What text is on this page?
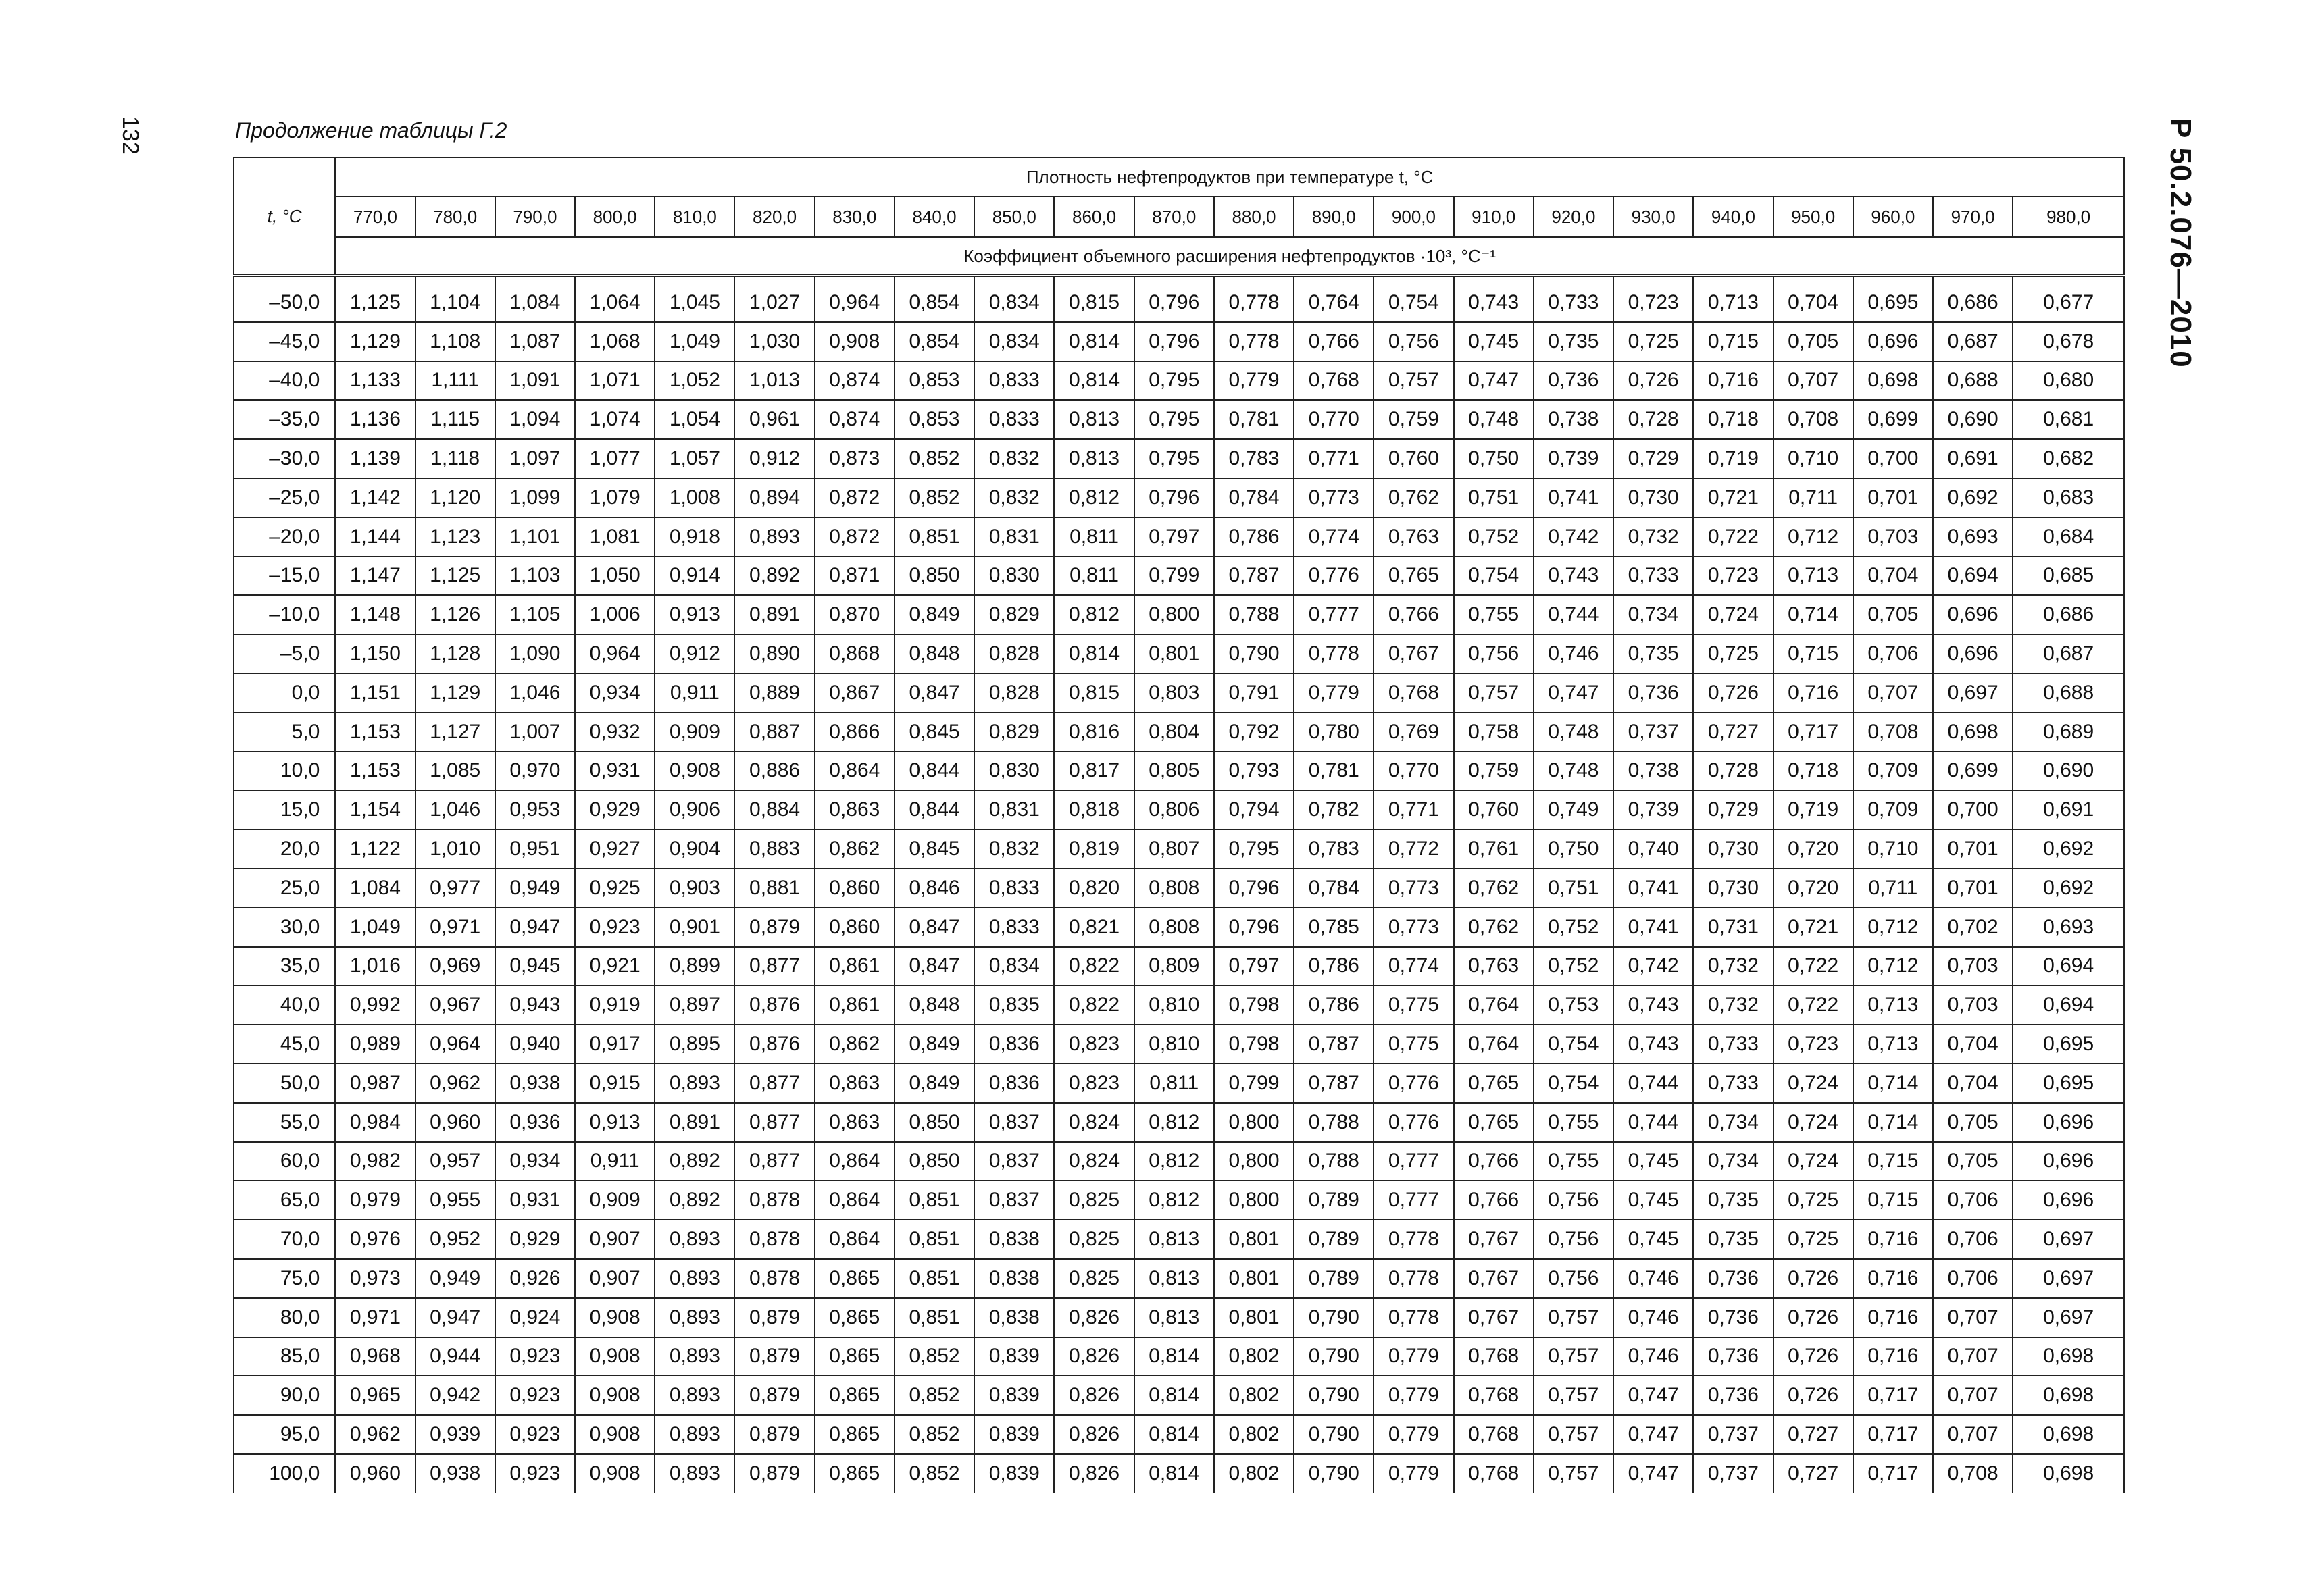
132	Р 50.2.076—2010
Продолжение таблицы Г.2
t, °C	Плотность нефтепродуктов при температуре t, °C																					
	770,0	780,0	790,0	800,0	810,0	820,0	830,0	840,0	850,0	860,0	870,0	880,0	890,0	900,0	910,0	920,0	930,0	940,0	950,0	960,0	970,0	980,0
	Коэффициент объемного расширения нефтепродуктов ·10³, °C⁻¹																					
–50,0	1,125	1,104	1,084	1,064	1,045	1,027	0,964	0,854	0,834	0,815	0,796	0,778	0,764	0,754	0,743	0,733	0,723	0,713	0,704	0,695	0,686	0,677
–45,0	1,129	1,108	1,087	1,068	1,049	1,030	0,908	0,854	0,834	0,814	0,796	0,778	0,766	0,756	0,745	0,735	0,725	0,715	0,705	0,696	0,687	0,678
–40,0	1,133	1,111	1,091	1,071	1,052	1,013	0,874	0,853	0,833	0,814	0,795	0,779	0,768	0,757	0,747	0,736	0,726	0,716	0,707	0,698	0,688	0,680
–35,0	1,136	1,115	1,094	1,074	1,054	0,961	0,874	0,853	0,833	0,813	0,795	0,781	0,770	0,759	0,748	0,738	0,728	0,718	0,708	0,699	0,690	0,681
–30,0	1,139	1,118	1,097	1,077	1,057	0,912	0,873	0,852	0,832	0,813	0,795	0,783	0,771	0,760	0,750	0,739	0,729	0,719	0,710	0,700	0,691	0,682
–25,0	1,142	1,120	1,099	1,079	1,008	0,894	0,872	0,852	0,832	0,812	0,796	0,784	0,773	0,762	0,751	0,741	0,730	0,721	0,711	0,701	0,692	0,683
–20,0	1,144	1,123	1,101	1,081	0,918	0,893	0,872	0,851	0,831	0,811	0,797	0,786	0,774	0,763	0,752	0,742	0,732	0,722	0,712	0,703	0,693	0,684
–15,0	1,147	1,125	1,103	1,050	0,914	0,892	0,871	0,850	0,830	0,811	0,799	0,787	0,776	0,765	0,754	0,743	0,733	0,723	0,713	0,704	0,694	0,685
–10,0	1,148	1,126	1,105	1,006	0,913	0,891	0,870	0,849	0,829	0,812	0,800	0,788	0,777	0,766	0,755	0,744	0,734	0,724	0,714	0,705	0,696	0,686
–5,0	1,150	1,128	1,090	0,964	0,912	0,890	0,868	0,848	0,828	0,814	0,801	0,790	0,778	0,767	0,756	0,746	0,735	0,725	0,715	0,706	0,696	0,687
0,0	1,151	1,129	1,046	0,934	0,911	0,889	0,867	0,847	0,828	0,815	0,803	0,791	0,779	0,768	0,757	0,747	0,736	0,726	0,716	0,707	0,697	0,688
5,0	1,153	1,127	1,007	0,932	0,909	0,887	0,866	0,845	0,829	0,816	0,804	0,792	0,780	0,769	0,758	0,748	0,737	0,727	0,717	0,708	0,698	0,689
10,0	1,153	1,085	0,970	0,931	0,908	0,886	0,864	0,844	0,830	0,817	0,805	0,793	0,781	0,770	0,759	0,748	0,738	0,728	0,718	0,709	0,699	0,690
15,0	1,154	1,046	0,953	0,929	0,906	0,884	0,863	0,844	0,831	0,818	0,806	0,794	0,782	0,771	0,760	0,749	0,739	0,729	0,719	0,709	0,700	0,691
20,0	1,122	1,010	0,951	0,927	0,904	0,883	0,862	0,845	0,832	0,819	0,807	0,795	0,783	0,772	0,761	0,750	0,740	0,730	0,720	0,710	0,701	0,692
25,0	1,084	0,977	0,949	0,925	0,903	0,881	0,860	0,846	0,833	0,820	0,808	0,796	0,784	0,773	0,762	0,751	0,741	0,730	0,720	0,711	0,701	0,692
30,0	1,049	0,971	0,947	0,923	0,901	0,879	0,860	0,847	0,833	0,821	0,808	0,796	0,785	0,773	0,762	0,752	0,741	0,731	0,721	0,712	0,702	0,693
35,0	1,016	0,969	0,945	0,921	0,899	0,877	0,861	0,847	0,834	0,822	0,809	0,797	0,786	0,774	0,763	0,752	0,742	0,732	0,722	0,712	0,703	0,694
40,0	0,992	0,967	0,943	0,919	0,897	0,876	0,861	0,848	0,835	0,822	0,810	0,798	0,786	0,775	0,764	0,753	0,743	0,732	0,722	0,713	0,703	0,694
45,0	0,989	0,964	0,940	0,917	0,895	0,876	0,862	0,849	0,836	0,823	0,810	0,798	0,787	0,775	0,764	0,754	0,743	0,733	0,723	0,713	0,704	0,695
50,0	0,987	0,962	0,938	0,915	0,893	0,877	0,863	0,849	0,836	0,823	0,811	0,799	0,787	0,776	0,765	0,754	0,744	0,733	0,724	0,714	0,704	0,695
55,0	0,984	0,960	0,936	0,913	0,891	0,877	0,863	0,850	0,837	0,824	0,812	0,800	0,788	0,776	0,765	0,755	0,744	0,734	0,724	0,714	0,705	0,696
60,0	0,982	0,957	0,934	0,911	0,892	0,877	0,864	0,850	0,837	0,824	0,812	0,800	0,788	0,777	0,766	0,755	0,745	0,734	0,724	0,715	0,705	0,696
65,0	0,979	0,955	0,931	0,909	0,892	0,878	0,864	0,851	0,837	0,825	0,812	0,800	0,789	0,777	0,766	0,756	0,745	0,735	0,725	0,715	0,706	0,696
70,0	0,976	0,952	0,929	0,907	0,893	0,878	0,864	0,851	0,838	0,825	0,813	0,801	0,789	0,778	0,767	0,756	0,745	0,735	0,725	0,716	0,706	0,697
75,0	0,973	0,949	0,926	0,907	0,893	0,878	0,865	0,851	0,838	0,825	0,813	0,801	0,789	0,778	0,767	0,756	0,746	0,736	0,726	0,716	0,706	0,697
80,0	0,971	0,947	0,924	0,908	0,893	0,879	0,865	0,851	0,838	0,826	0,813	0,801	0,790	0,778	0,767	0,757	0,746	0,736	0,726	0,716	0,707	0,697
85,0	0,968	0,944	0,923	0,908	0,893	0,879	0,865	0,852	0,839	0,826	0,814	0,802	0,790	0,779	0,768	0,757	0,746	0,736	0,726	0,716	0,707	0,698
90,0	0,965	0,942	0,923	0,908	0,893	0,879	0,865	0,852	0,839	0,826	0,814	0,802	0,790	0,779	0,768	0,757	0,747	0,736	0,726	0,717	0,707	0,698
95,0	0,962	0,939	0,923	0,908	0,893	0,879	0,865	0,852	0,839	0,826	0,814	0,802	0,790	0,779	0,768	0,757	0,747	0,737	0,727	0,717	0,707	0,698
100,0	0,960	0,938	0,923	0,908	0,893	0,879	0,865	0,852	0,839	0,826	0,814	0,802	0,790	0,779	0,768	0,757	0,747	0,737	0,727	0,717	0,708	0,698
